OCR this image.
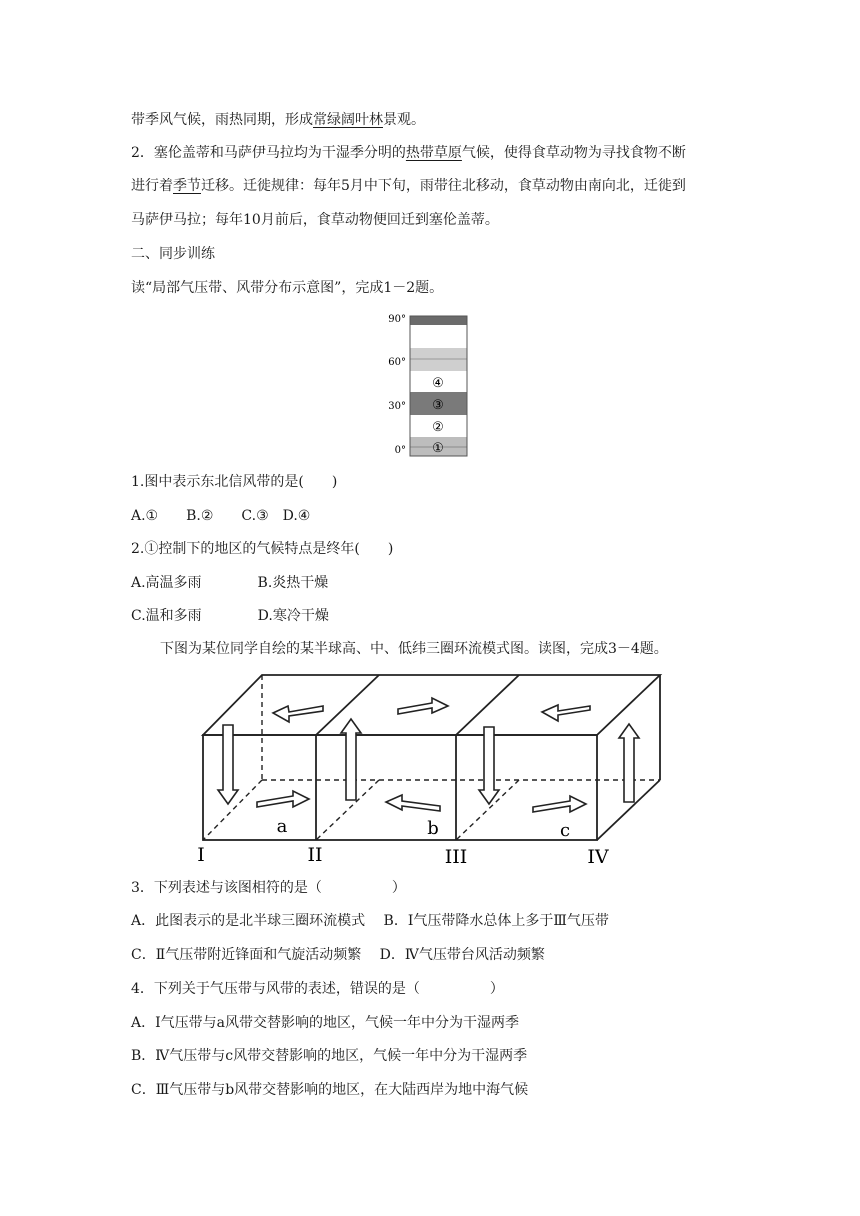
带季风气候，雨热同期，形成常绿阔叶林景观。
2．塞伦盖蒂和马萨伊马拉均为干湿季分明的热带草原气候，使得食草动物为寻找食物不断
进行着季节迁移。迁徙规律：每年5月中下旬，雨带往北移动，食草动物由南向北，迁徙到
马萨伊马拉；每年10月前后，食草动物便回迁到塞伦盖蒂。
二、同步训练
读“局部气压带、风带分布示意图”，完成1－2题。
90°
60°
30°
0°
④
③
②
①
1.图中表示东北信风带的是(　　)
A.①　　B.②　　C.③　D.④
2.①控制下的地区的气候特点是终年(　　)
A.高温多雨　　　　B.炎热干燥
C.温和多雨　　　　D.寒冷干燥
下图为某位同学自绘的某半球高、中、低纬三圈环流模式图。读图，完成3－4题。
a	b	c
I	II	III	IV
3．下列表述与该图相符的是（　　　　　）
A．此图表示的是北半球三圈环流模式　 B．Ⅰ气压带降水总体上多于Ⅲ气压带
C．Ⅱ气压带附近锋面和气旋活动频繁　 D．Ⅳ气压带台风活动频繁
4．下列关于气压带与风带的表述，错误的是（　　　　　）
A．Ⅰ气压带与a风带交替影响的地区，气候一年中分为干湿两季
B．Ⅳ气压带与c风带交替影响的地区，气候一年中分为干湿两季
C．Ⅲ气压带与b风带交替影响的地区，在大陆西岸为地中海气候
